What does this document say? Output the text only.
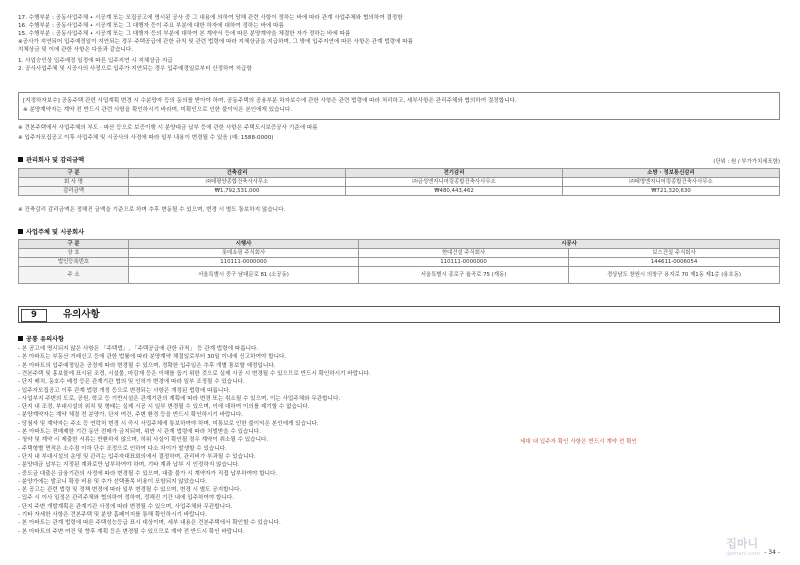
17. 수행부분 : 공동사업주체 • 시공계 또는 모집공고에 명시된 공사 중 그 내용에 의하여 당해 관련 사항이 정하는 바에 따라 관계 사업주체와 협의하여 결정함
16. 수행부분 : 공동사업주체 • 시공계 또는 그 대행자 등이 주요 부분에 대한 하자에 대하여 정하는 바에 따름
15. 수행부분 : 공동사업주체 • 시공계 또는 그 대행자 등의 부분에 대하여 본 계약서 등에 따른 분양계약을 체결한 자가 정하는 바에 따름
※공사가 지연되어 입주예정일이 지연되는 경우 주택공급에 관한 규칙 및 관련 법령에 따라 지체상금을 지급하며, 그 밖에 입주지연에 따른 사항은 관계 법령에 따름
지체상금 및 이에 관한 사항은 다음과 같습니다.
1. 사업승인상 입주예정 일정에 따른 입주지연 시 지체상금 지급
2. 공사사업주체 및 시공사의 사정으로 입주가 지연되는 경우 입주예정일로부터 산정하여 지급함
[지정하자보수] 공동주택 관련 사업계획 변경 시 수분양자 등의 동의를 받아야 하며, 공동주택의 공용부분 하자보수에 관한 사항은 관련 법령에 따라 처리하고, 세부사항은 관리주체와 협의하여 결정합니다.
※ 분양계약자는 계약 전 반드시 관련 사항을 확인하시기 바라며, 미확인으로 인한 불이익은 본인에게 있습니다.
※ 견본주택에서 사업주체의 부도 · 파산 등으로 보증이행 시 분양대금 납부 등에 관한 사항은 주택도시보증공사 기준에 따름
※ 입주자모집공고 이후 사업주체 및 시공사의 사정에 따라 일부 내용이 변경될 수 있음 (예: 1588-0000)
관리회사 및 감리금액	(단위 : 원 / 부가가치세포함)
구 분	건축감리	전기감리	소방 · 정보통신감리
회 사 명	㈜태평양종합건축사사무소	㈜금성엔지니어링종합건축사사무소	㈜태명엔지니어링종합건축사사무소
감리금액	₩1,792,531,000	₩480,443,462	₩721,320,630
※ 건축감리 감리금액은 정해진 금액을 기준으로 하며 추후 변동될 수 있으며, 변경 시 별도 통보하지 않습니다.
사업주체 및 시공회사
구 분	시행사	시공사	
상 호	롯데쇼핑 주식회사	현대건설 주식회사	보스건설 주식회사
법인등록번호	110111-0000000	110111-0000000	144611-0006054
주 소	서울특별시 중구 남대문로 81 (소공동)	서울특별시 종로구 율곡로 75 (계동)	경상남도 창원시 의창구 용지로 70 제1동 제1층 (용호동)
9	유의사항
공통 유의사항
- 본 공고에 명시되지 않은 사항은 「주택법」, 「주택공급에 관한 규칙」 등 관계 법령에 따릅니다.
- 본 아파트는 부동산 거래신고 등에 관한 법률에 따라 분양계약 체결일로부터 30일 이내에 신고하여야 합니다.
- 본 아파트의 입주예정일은 공정에 따라 변경될 수 있으며, 정확한 입주일은 추후 개별 통보할 예정입니다.
- 견본주택 및 홍보물에 표시된 조경, 시설물, 마감재 등은 이해를 돕기 위한 것으로 실제 시공 시 변경될 수 있으므로 반드시 확인하시기 바랍니다.
- 단지 배치, 동호수 배정 등은 관계기관 협의 및 인허가 변경에 따라 일부 조정될 수 있습니다.
- 입주자모집공고 이후 관계 법령 개정 등으로 변경되는 사항은 개정된 법령에 따릅니다.
- 사업부지 주변의 도로, 공원, 학교 등 기반시설은 관계기관의 계획에 따라 변경 또는 취소될 수 있으며, 이는 사업주체와 무관합니다.
- 단지 내 조경, 부대시설의 위치 및 형태는 실제 시공 시 일부 변경될 수 있으며, 이에 대하여 이의를 제기할 수 없습니다.
- 분양계약자는 계약 체결 전 분양가, 단지 여건, 주변 환경 등을 반드시 확인하시기 바랍니다.
- 당첨자 및 계약자는 주소 등 연락처 변경 시 즉시 사업주체에 통보하여야 하며, 미통보로 인한 불이익은 본인에게 있습니다.
- 본 아파트는 전매제한 기간 동안 전매가 금지되며, 위반 시 관계 법령에 따라 처벌받을 수 있습니다.
- 청약 및 계약 시 제출한 서류는 반환하지 않으며, 허위 사실이 확인될 경우 계약이 취소될 수 있습니다.
- 주택형별 면적은 소수점 이하 단수 조정으로 인하여 다소 차이가 발생할 수 있습니다.
- 단지 내 부대시설의 운영 및 관리는 입주자대표회의에서 결정하며, 관리비가 부과될 수 있습니다.
- 분양대금 납부는 지정된 계좌로만 납부하여야 하며, 기타 계좌 납부 시 인정하지 않습니다.
- 중도금 대출은 금융기관의 사정에 따라 변경될 수 있으며, 대출 불가 시 계약자가 직접 납부하여야 합니다.
- 분양가에는 발코니 확장 비용 및 추가 선택품목 비용이 포함되지 않았습니다.
- 본 공고는 관련 법령 및 정책 변경에 따라 일부 변경될 수 있으며, 변경 시 별도 공지합니다.
- 입주 시 이사 일정은 관리주체와 협의하여 정하며, 정해진 기간 내에 입주하여야 합니다.
- 단지 주변 개발계획은 관계기관 사정에 따라 변경될 수 있으며, 사업주체와 무관합니다.
- 기타 자세한 사항은 견본주택 및 분양 홈페이지를 통해 확인하시기 바랍니다.
- 본 아파트는 관계 법령에 따른 주택성능등급 표시 대상이며, 세부 내용은 견본주택에서 확인할 수 있습니다.
- 본 아파트의 주변 여건 및 향후 계획 등은 변경될 수 있으므로 계약 전 반드시 확인 바랍니다.
세대 내 입주자 확인 사항은 반드시 계약 전 확인
집마니
jipmani.com - 34 -
